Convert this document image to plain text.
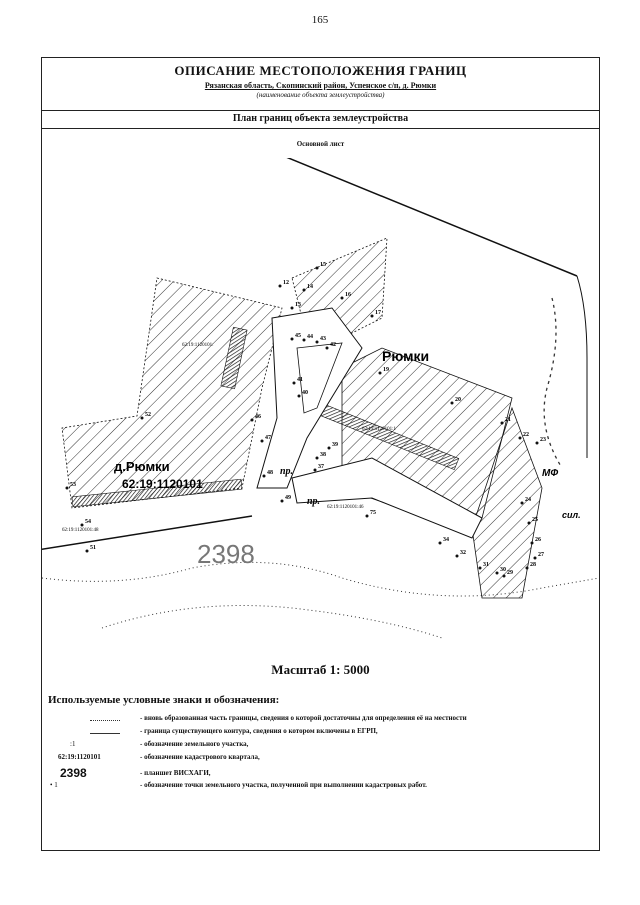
165
ОПИСАНИЕ МЕСТОПОЛОЖЕНИЯ ГРАНИЦ
Рязанская область, Скопинский район, Успенское с/п, д. Рюмки
(наименование объекта землеустройства)
План границ объекта землеустройства
Основной лист
Рюмки
д.Рюмки
62:19:1120101
МФ
сил.
пр.
пр.
2398
62:19:1120101:
62:19:1120101:48
62:19:1120101:46
62:19:1120101:1
12
13
14
15
16
17
19
20
21
22
23
24
25
26
27
28
29
30
31
32
34
37
38
39
40
41
42
43
44
45
46
47
48
49
51
52
53
54
75
Масштаб 1: 5000
Используемые условные знаки и обозначения:
- вновь образованная часть границы, сведения о которой достаточны для определения её на местности
- граница существующего контура, сведения о котором включены в ЕГРП,
:1	- обозначение земельного участка,
62:19:1120101	- обозначение кадастрового квартала,
2398	- планшет ВИСХАГИ,
• 1	- обозначение точки земельного участка, полученной при выполнении кадастровых работ.
